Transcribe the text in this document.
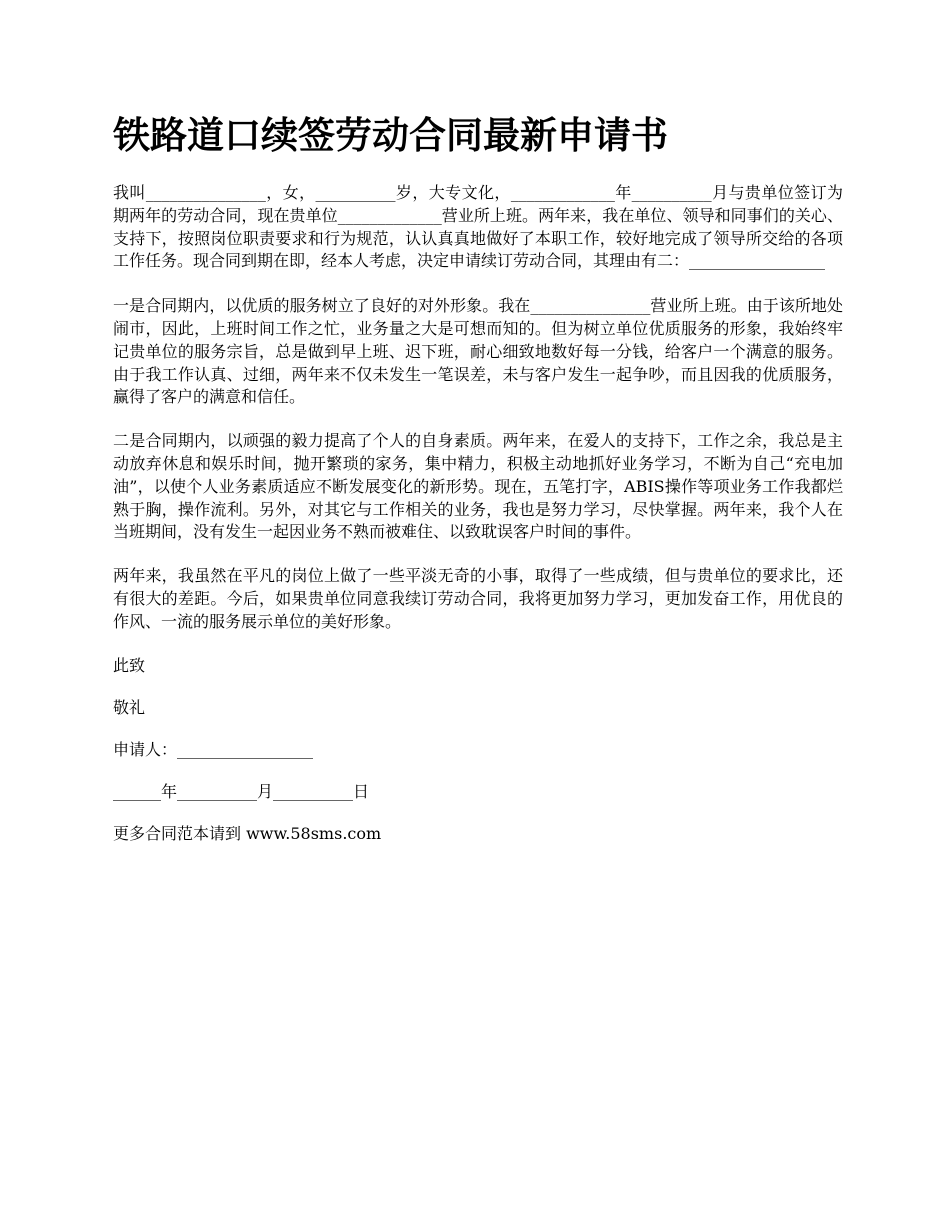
铁路道口续签劳动合同最新申请书

我叫_______________，女，__________岁，大专文化，_____________年__________月与贵单位签订为期两年的劳动合同，现在贵单位_____________营业所上班。两年来，我在单位、领导和同事们的关心、支持下，按照岗位职责要求和行为规范，认认真真地做好了本职工作，较好地完成了领导所交给的各项工作任务。现合同到期在即，经本人考虑，决定申请续订劳动合同，其理由有二：_________________

一是合同期内，以优质的服务树立了良好的对外形象。我在_______________营业所上班。由于该所地处闹市，因此，上班时间工作之忙，业务量之大是可想而知的。但为树立单位优质服务的形象，我始终牢记贵单位的服务宗旨，总是做到早上班、迟下班，耐心细致地数好每一分钱，给客户一个满意的服务。由于我工作认真、过细，两年来不仅未发生一笔误差，未与客户发生一起争吵，而且因我的优质服务，赢得了客户的满意和信任。

二是合同期内，以顽强的毅力提高了个人的自身素质。两年来，在爱人的支持下，工作之余，我总是主动放弃休息和娱乐时间，抛开繁琐的家务，集中精力，积极主动地抓好业务学习，不断为自己“充电加油”，以使个人业务素质适应不断发展变化的新形势。现在，五笔打字，ABIS操作等项业务工作我都烂熟于胸，操作流利。另外，对其它与工作相关的业务，我也是努力学习，尽快掌握。两年来，我个人在当班期间，没有发生一起因业务不熟而被难住、以致耽误客户时间的事件。

两年来，我虽然在平凡的岗位上做了一些平淡无奇的小事，取得了一些成绩，但与贵单位的要求比，还有很大的差距。今后，如果贵单位同意我续订劳动合同，我将更加努力学习，更加发奋工作，用优良的作风、一流的服务展示单位的美好形象。

此致

敬礼

申请人：_________________

______年__________月__________日

更多合同范本请到 www.58sms.com
